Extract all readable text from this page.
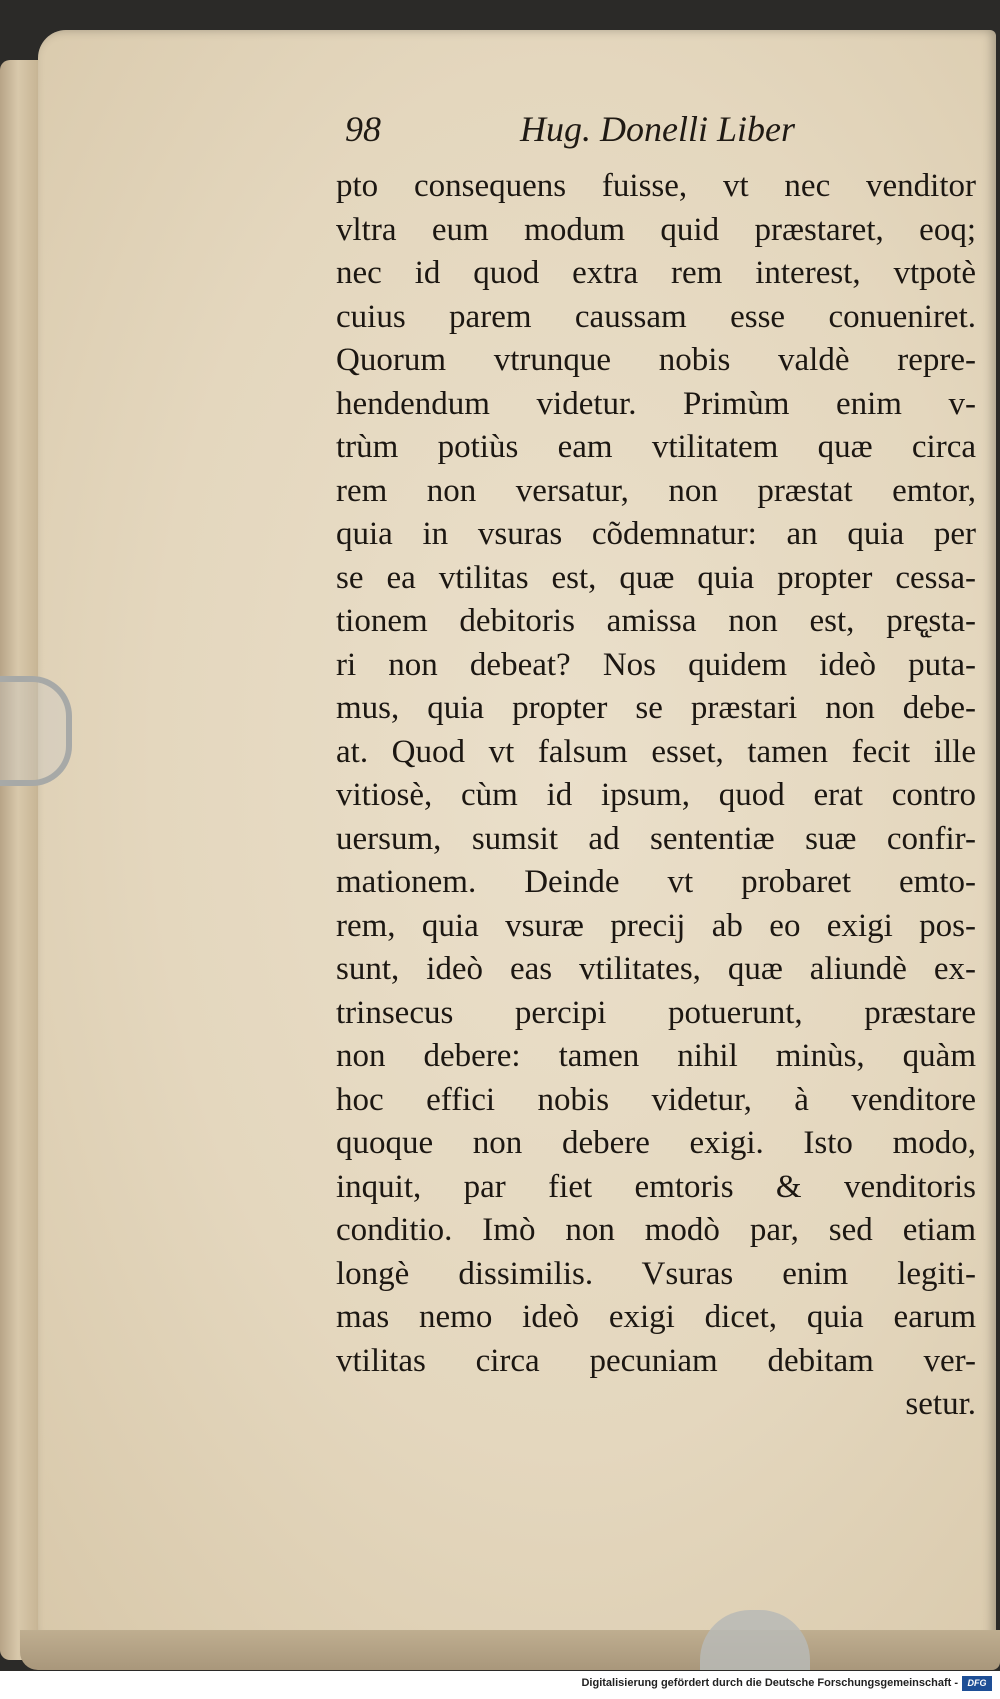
98	Hug. Donelli Liber
pto consequens fuisse, vt nec venditor
vltra eum modum quid præstaret, eoq;
nec id quod extra rem interest, vtpotè
cuius parem caussam esse conueniret.
Quorum vtrunque nobis valdè repre-
hendendum videtur. Primùm enim v-
trùm potiùs eam vtilitatem quæ circa
rem non versatur, non præstat emtor,
quia in vsuras cõdemnatur: an quia per
se ea vtilitas est, quæ quia propter cessa-
tionem debitoris amissa non est, prę̨sta-
ri non debeat? Nos quidem ideò puta-
mus, quia propter se præstari non debe-
at. Quod vt falsum esset, tamen fecit ille
vitiosè, cùm id ipsum, quod erat contro
uersum, sumsit ad sententiæ suæ confir-
mationem. Deinde vt probaret emto-
rem, quia vsuræ precij ab eo exigi pos-
sunt, ideò eas vtilitates, quæ aliundè ex-
trinsecus percipi potuerunt, præstare
non debere: tamen nihil minùs, quàm
hoc effici nobis videtur, à venditore
quoque non debere exigi. Isto modo,
inquit, par fiet emtoris & venditoris
conditio. Imò non modò par, sed etiam
longè dissimilis. Vsuras enim legiti-
mas nemo ideò exigi dicet, quia earum
vtilitas circa pecuniam debitam ver-
setur.
Digitalisierung gefördert durch die Deutsche Forschungsgemeinschaft -	DFG
